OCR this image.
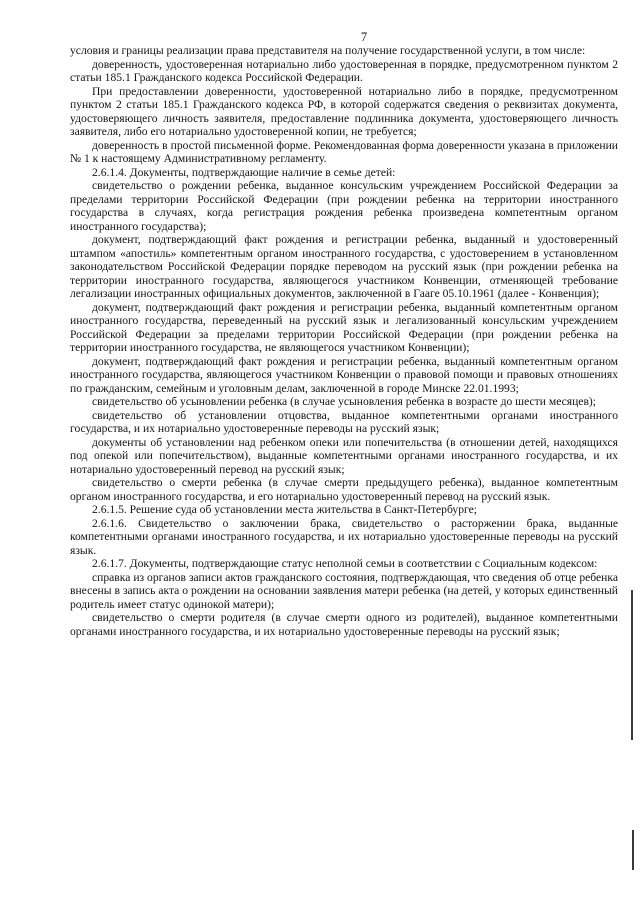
7

условия и границы реализации права представителя на получение государственной услуги, в том числе:

доверенность, удостоверенная нотариально либо удостоверенная в порядке, предусмотренном пунктом 2 статьи 185.1 Гражданского кодекса Российской Федерации.

При предоставлении доверенности, удостоверенной нотариально либо в порядке, предусмотренном пунктом 2 статьи 185.1 Гражданского кодекса РФ, в которой содержатся сведения о реквизитах документа, удостоверяющего личность заявителя, предоставление подлинника документа, удостоверяющего личность заявителя, либо его нотариально удостоверенной копии, не требуется;

доверенность в простой письменной форме. Рекомендованная форма доверенности указана в приложении № 1 к настоящему Административному регламенту.

2.6.1.4. Документы, подтверждающие наличие в семье детей:

свидетельство о рождении ребенка, выданное консульским учреждением Российской Федерации за пределами территории Российской Федерации (при рождении ребенка на территории иностранного государства в случаях, когда регистрация рождения ребенка произведена компетентным органом иностранного государства);

документ, подтверждающий факт рождения и регистрации ребенка, выданный и удостоверенный штампом «апостиль» компетентным органом иностранного государства, с удостоверением в установленном законодательством Российской Федерации порядке переводом на русский язык (при рождении ребенка на территории иностранного государства, являющегося участником Конвенции, отменяющей требование легализации иностранных официальных документов, заключенной в Гааге 05.10.1961 (далее - Конвенция);

документ, подтверждающий факт рождения и регистрации ребенка, выданный компетентным органом иностранного государства, переведенный на русский язык и легализованный консульским учреждением Российской Федерации за пределами территории Российской Федерации (при рождении ребенка на территории иностранного государства, не являющегося участником Конвенции);

документ, подтверждающий факт рождения и регистрации ребенка, выданный компетентным органом иностранного государства, являющегося участником Конвенции о правовой помощи и правовых отношениях по гражданским, семейным и уголовным делам, заключенной в городе Минске 22.01.1993;

свидетельство об усыновлении ребенка (в случае усыновления ребенка в возрасте до шести месяцев);

свидетельство об установлении отцовства, выданное компетентными органами иностранного государства, и их нотариально удостоверенные переводы на русский язык;

документы об установлении над ребенком опеки или попечительства (в отношении детей, находящихся под опекой или попечительством), выданные компетентными органами иностранного государства, и их нотариально удостоверенный перевод на русский язык;

свидетельство о смерти ребенка (в случае смерти предыдущего ребенка), выданное компетентным органом иностранного государства, и его нотариально удостоверенный перевод на русский язык.

2.6.1.5. Решение суда об установлении места жительства в Санкт-Петербурге;

2.6.1.6. Свидетельство о заключении брака, свидетельство о расторжении брака, выданные компетентными органами иностранного государства, и их нотариально удостоверенные переводы на русский язык.

2.6.1.7. Документы, подтверждающие статус неполной семьи в соответствии с Социальным кодексом:

справка из органов записи актов гражданского состояния, подтверждающая, что сведения об отце ребенка внесены в запись акта о рождении на основании заявления матери ребенка (на детей, у которых единственный родитель имеет статус одинокой матери);

свидетельство о смерти родителя (в случае смерти одного из родителей), выданное компетентными органами иностранного государства, и их нотариально удостоверенные переводы на русский язык;
